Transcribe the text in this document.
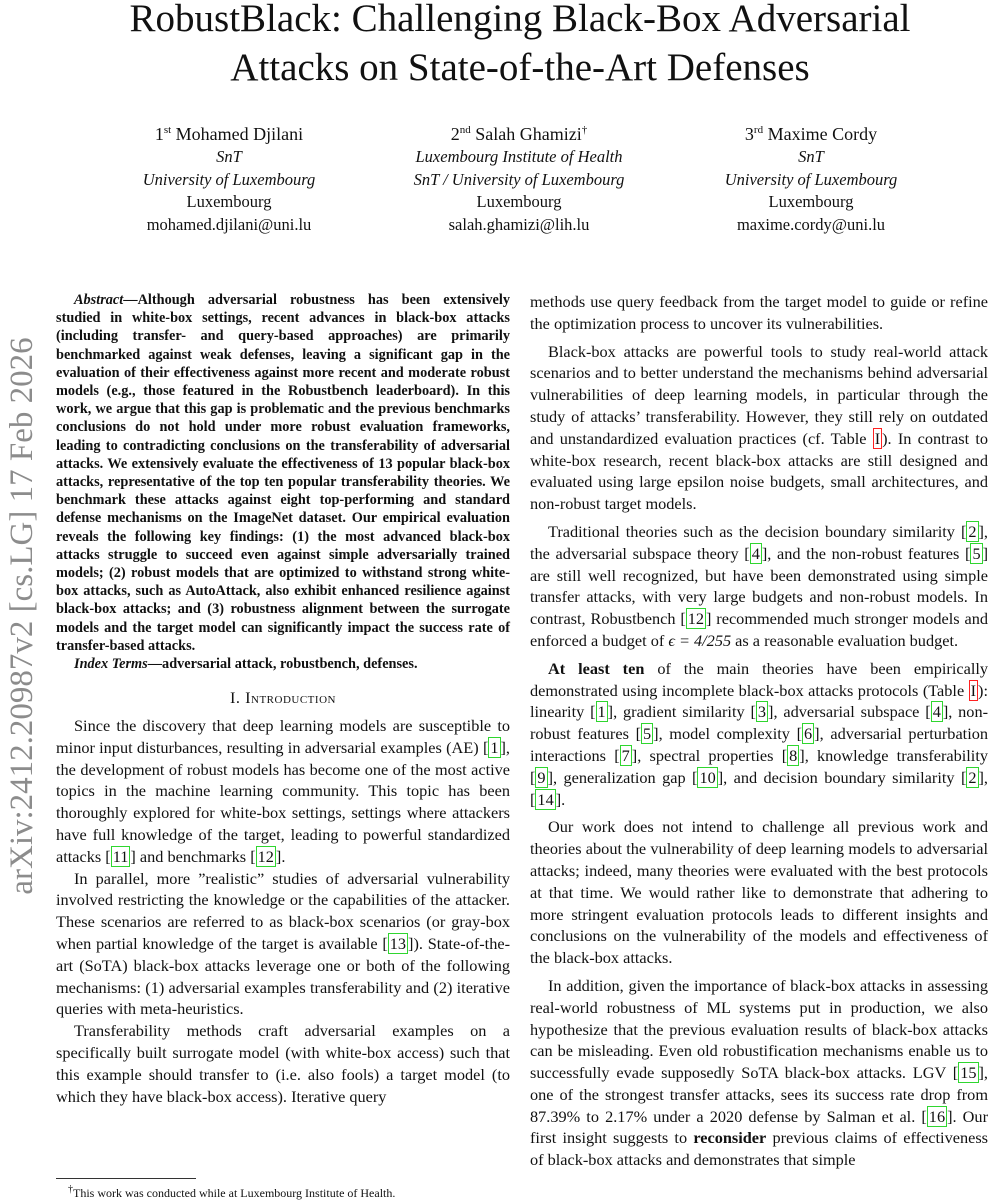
RobustBlack: Challenging Black-Box Adversarial
Attacks on State-of-the-Art Defenses
1st Mohamed Djilani
SnT
University of Luxembourg
Luxembourg
mohamed.djilani@uni.lu
2nd Salah Ghamizi†
Luxembourg Institute of Health
SnT / University of Luxembourg
Luxembourg
salah.ghamizi@lih.lu
3rd Maxime Cordy
SnT
University of Luxembourg
Luxembourg
maxime.cordy@uni.lu
arXiv:2412.20987v2 [cs.LG] 17 Feb 2026

Abstract—Although adversarial robustness has been extensively studied in white-box settings, recent advances in black-box attacks (including transfer- and query-based approaches) are primarily benchmarked against weak defenses, leaving a significant gap in the evaluation of their effectiveness against more recent and moderate robust models (e.g., those featured in the Robustbench leaderboard). In this work, we argue that this gap is problematic and the previous benchmarks conclusions do not hold under more robust evaluation frameworks, leading to contradicting conclusions on the transferability of adversarial attacks. We extensively evaluate the effectiveness of 13 popular black-box attacks, representative of the top ten popular transferability theories. We benchmark these attacks against eight top-performing and standard defense mechanisms on the ImageNet dataset. Our empirical evaluation reveals the following key findings: (1) the most advanced black-box attacks struggle to succeed even against simple adversarially trained models; (2) robust models that are optimized to withstand strong white-box attacks, such as AutoAttack, also exhibit enhanced resilience against black-box attacks; and (3) robustness alignment between the surrogate models and the target model can significantly impact the success rate of transfer-based attacks.

Index Terms—adversarial attack, robustbench, defenses.

I. Introduction

Since the discovery that deep learning models are susceptible to minor input disturbances, resulting in adversarial examples (AE) [ 1 ], the development of robust models has become one of the most active topics in the machine learning community. This topic has been thoroughly explored for white-box settings, settings where attackers have full knowledge of the target, leading to powerful standardized attacks [ 11 ] and benchmarks [ 12 ].

In parallel, more ”realistic” studies of adversarial vulnerability involved restricting the knowledge or the capabilities of the attacker. These scenarios are referred to as black-box scenarios (or gray-box when partial knowledge of the target is available [ 13 ]). State-of-the-art (SoTA) black-box attacks leverage one or both of the following mechanisms: (1) adversarial examples transferability and (2) iterative queries with meta-heuristics.

Transferability methods craft adversarial examples on a specifically built surrogate model (with white-box access) such that this example should transfer to (i.e. also fools) a target model (to which they have black-box access). Iterative query

methods use query feedback from the target model to guide or refine the optimization process to uncover its vulnerabilities.

Black-box attacks are powerful tools to study real-world attack scenarios and to better understand the mechanisms behind adversarial vulnerabilities of deep learning models, in particular through the study of attacks’ transferability. However, they still rely on outdated and unstandardized evaluation practices (cf. Table I ). In contrast to white-box research, recent black-box attacks are still designed and evaluated using large epsilon noise budgets, small architectures, and non-robust target models.

Traditional theories such as the decision boundary similarity [ 2 ], the adversarial subspace theory [ 4 ], and the non-robust features [ 5 ] are still well recognized, but have been demonstrated using simple transfer attacks, with very large budgets and non-robust models. In contrast, Robustbench [ 12 ] recommended much stronger models and enforced a budget of ϵ = 4/255 as a reasonable evaluation budget.

At least ten of the main theories have been empirically demonstrated using incomplete black-box attacks protocols (Table I ): linearity [ 1 ], gradient similarity [ 3 ], adversarial subspace [ 4 ], non-robust features [ 5 ], model complexity [ 6 ], adversarial perturbation interactions [ 7 ], spectral properties [ 8 ], knowledge transferability [ 9 ], generalization gap [ 10 ], and decision boundary similarity [ 2 ], [ 14 ].

Our work does not intend to challenge all previous work and theories about the vulnerability of deep learning models to adversarial attacks; indeed, many theories were evaluated with the best protocols at that time. We would rather like to demonstrate that adhering to more stringent evaluation protocols leads to different insights and conclusions on the vulnerability of the models and effectiveness of the black-box attacks.

In addition, given the importance of black-box attacks in assessing real-world robustness of ML systems put in production, we also hypothesize that the previous evaluation results of black-box attacks can be misleading. Even old robustification mechanisms enable us to successfully evade supposedly SoTA black-box attacks. LGV [ 15 ], one of the strongest transfer attacks, sees its success rate drop from 87.39% to 2.17% under a 2020 defense by Salman et al. [ 16 ]. Our first insight suggests to reconsider previous claims of effectiveness of black-box attacks and demonstrates that simple

†This work was conducted while at Luxembourg Institute of Health.
